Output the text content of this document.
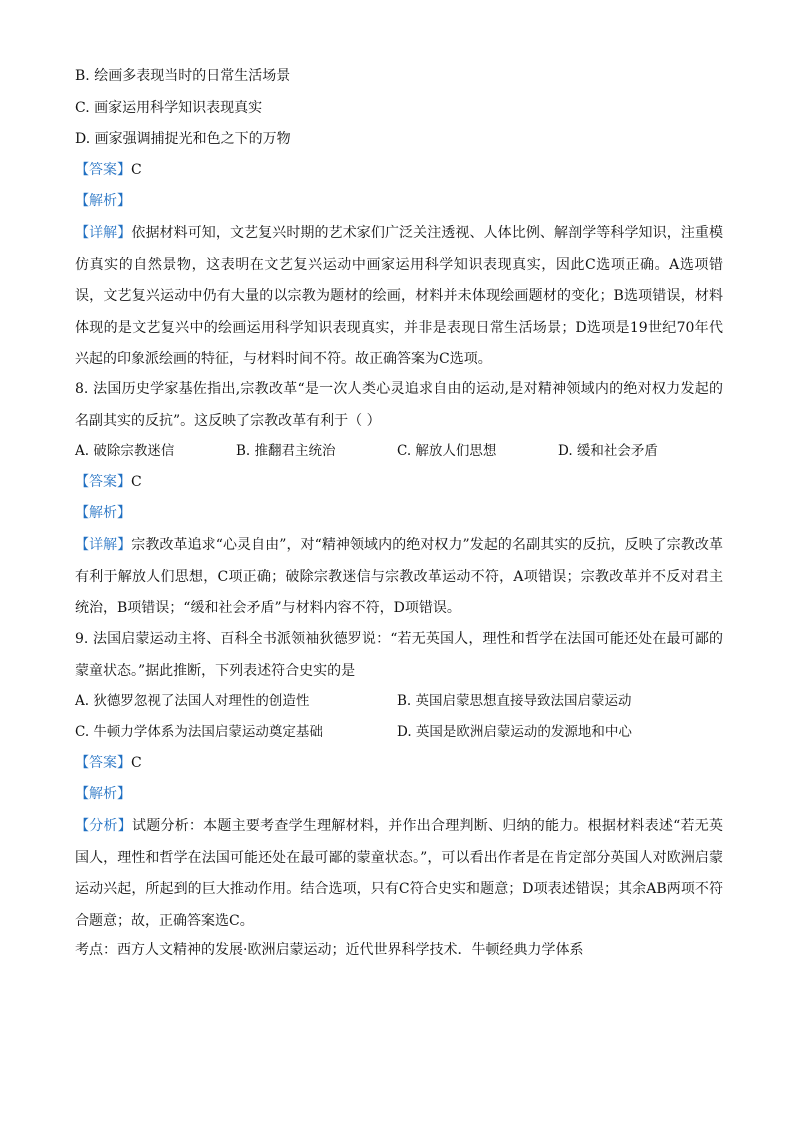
B. 绘画多表现当时的日常生活场景
C. 画家运用科学知识表现真实
D. 画家强调捕捉光和色之下的万物
【答案】C
【解析】
【详解】依据材料可知，文艺复兴时期的艺术家们广泛关注透视、人体比例、解剖学等科学知识，注重模仿真实的自然景物，这表明在文艺复兴运动中画家运用科学知识表现真实，因此C选项正确。A选项错误，文艺复兴运动中仍有大量的以宗教为题材的绘画，材料并未体现绘画题材的变化；B选项错误，材料体现的是文艺复兴中的绘画运用科学知识表现真实，并非是表现日常生活场景；D选项是19世纪70年代兴起的印象派绘画的特征，与材料时间不符。故正确答案为C选项。
8. 法国历史学家基佐指出,宗教改革“是一次人类心灵追求自由的运动,是对精神领域内的绝对权力发起的名副其实的反抗”。这反映了宗教改革有利于（ ）
A. 破除宗教迷信	B. 推翻君主统治	C. 解放人们思想	D. 缓和社会矛盾
【答案】C
【解析】
【详解】宗教改革追求“心灵自由”，对“精神领域内的绝对权力”发起的名副其实的反抗，反映了宗教改革有利于解放人们思想，C项正确；破除宗教迷信与宗教改革运动不符，A项错误；宗教改革并不反对君主统治，B项错误；“缓和社会矛盾”与材料内容不符，D项错误。
9. 法国启蒙运动主将、百科全书派领袖狄德罗说：“若无英国人，理性和哲学在法国可能还处在最可鄙的蒙童状态。”据此推断，下列表述符合史实的是
A. 狄德罗忽视了法国人对理性的创造性	B. 英国启蒙思想直接导致法国启蒙运动
C. 牛顿力学体系为法国启蒙运动奠定基础	D. 英国是欧洲启蒙运动的发源地和中心
【答案】C
【解析】
【分析】试题分析：本题主要考查学生理解材料，并作出合理判断、归纳的能力。根据材料表述“若无英国人，理性和哲学在法国可能还处在最可鄙的蒙童状态。”，可以看出作者是在肯定部分英国人对欧洲启蒙运动兴起，所起到的巨大推动作用。结合选项，只有C符合史实和题意；D项表述错误；其余AB两项不符合题意；故，正确答案选C。
考点：西方人文精神的发展·欧洲启蒙运动；近代世界科学技术．牛顿经典力学体系
